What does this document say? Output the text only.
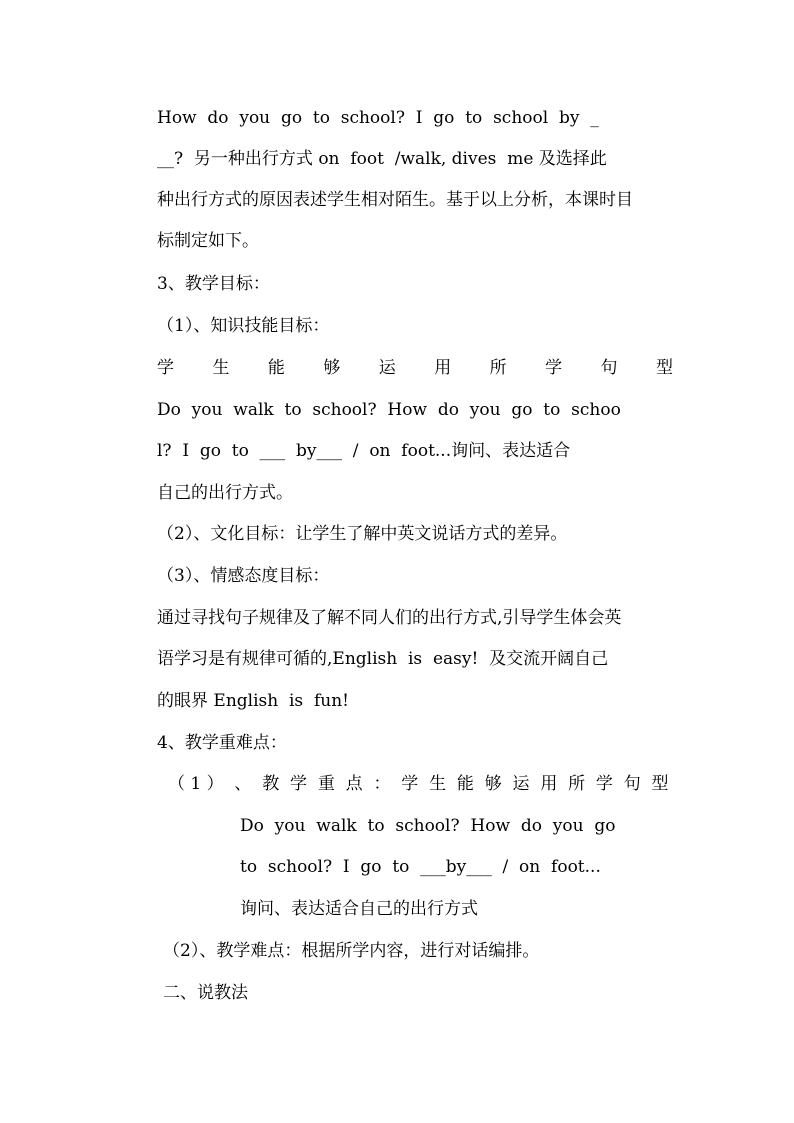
How  do  you  go  to  school?  I  go  to  school  by  _
__?  另一种出行方式 on  foot  /walk, dives  me 及选择此
种出行方式的原因表述学生相对陌生。基于以上分析，本课时目
标制定如下。
3、教学目标：
（1）、知识技能目标：
学 生 能 够 运 用 所 学 句 型
Do  you  walk  to  school?  How  do  you  go  to  schoo
l?  I  go  to  ___  by___  /  on  foot...询问、表达适合
自己的出行方式。
（2）、文化目标：让学生了解中英文说话方式的差异。
（3）、情感态度目标：
通过寻找句子规律及了解不同人们的出行方式,引导学生体会英
语学习是有规律可循的,English  is  easy!  及交流开阔自己
的眼界 English  is  fun!
4、教学重难点：
（ 1 ）  、  教  学  重  点  ：  学  生  能  够  运  用  所  学  句  型
Do  you  walk  to  school?  How  do  you  go
to  school?  I  go  to  ___by___  /  on  foot...
询问、表达适合自己的出行方式
（2）、教学难点：根据所学内容，进行对话编排。
二、说教法
